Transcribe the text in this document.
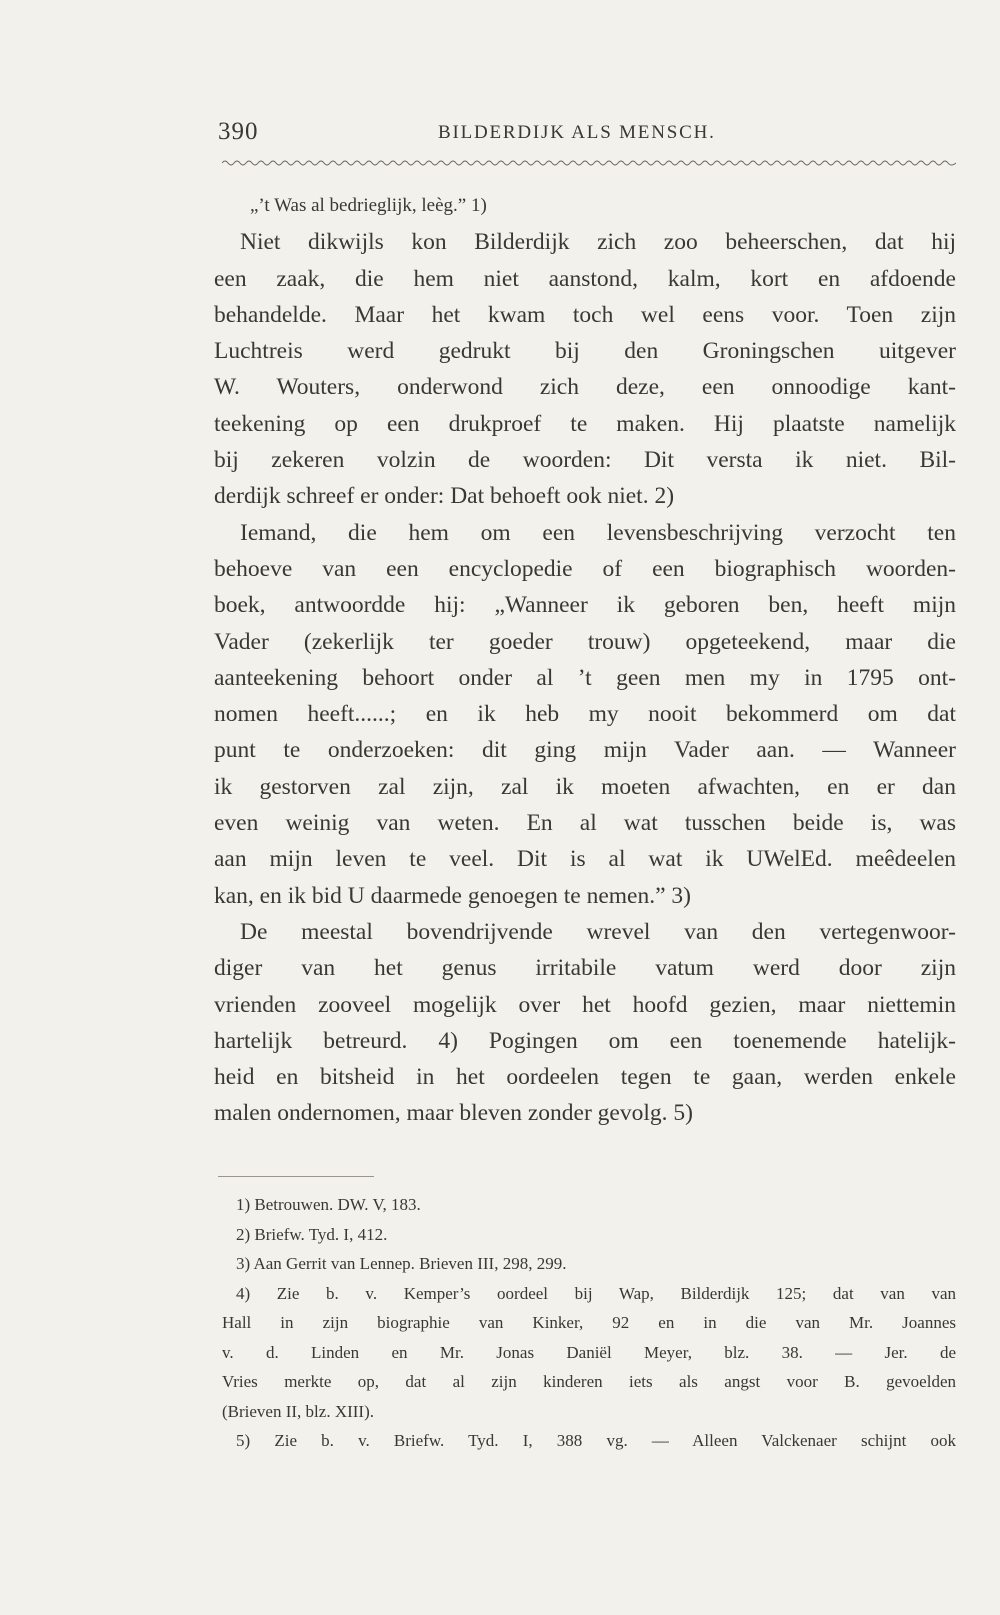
390	BILDERDIJK ALS MENSCH.
„’t Was al bedrieglijk, leèg.” 1)
Niet dikwijls kon Bilderdijk zich zoo beheerschen, dat hij
een zaak, die hem niet aanstond, kalm, kort en afdoende
behandelde. Maar het kwam toch wel eens voor. Toen zijn
Luchtreis werd gedrukt bij den Groningschen uitgever
W. Wouters, onderwond zich deze, een onnoodige kant-
teekening op een drukproef te maken. Hij plaatste namelijk
bij zekeren volzin de woorden: Dit versta ik niet. Bil-
derdijk schreef er onder: Dat behoeft ook niet. 2)
Iemand, die hem om een levensbeschrijving verzocht ten
behoeve van een encyclopedie of een biographisch woorden-
boek, antwoordde hij: „Wanneer ik geboren ben, heeft mijn
Vader (zekerlijk ter goeder trouw) opgeteekend, maar die
aanteekening behoort onder al ’t geen men my in 1795 ont-
nomen heeft......; en ik heb my nooit bekommerd om dat
punt te onderzoeken: dit ging mijn Vader aan. — Wanneer
ik gestorven zal zijn, zal ik moeten afwachten, en er dan
even weinig van weten. En al wat tusschen beide is, was
aan mijn leven te veel. Dit is al wat ik UWelEd. meêdeelen
kan, en ik bid U daarmede genoegen te nemen.” 3)
De meestal bovendrijvende wrevel van den vertegenwoor-
diger van het genus irritabile vatum werd door zijn
vrienden zooveel mogelijk over het hoofd gezien, maar niettemin
hartelijk betreurd. 4) Pogingen om een toenemende hatelijk-
heid en bitsheid in het oordeelen tegen te gaan, werden enkele
malen ondernomen, maar bleven zonder gevolg. 5)
1) Betrouwen. DW. V, 183.
2) Briefw. Tyd. I, 412.
3) Aan Gerrit van Lennep. Brieven III, 298, 299.
4) Zie b. v. Kemper’s oordeel bij Wap, Bilderdijk 125; dat van van
Hall in zijn biographie van Kinker, 92 en in die van Mr. Joannes
v. d. Linden en Mr. Jonas Daniël Meyer, blz. 38. — Jer. de
Vries merkte op, dat al zijn kinderen iets als angst voor B. gevoelden
(Brieven II, blz. XIII).
5) Zie b. v. Briefw. Tyd. I, 388 vg. — Alleen Valckenaer schijnt ook
